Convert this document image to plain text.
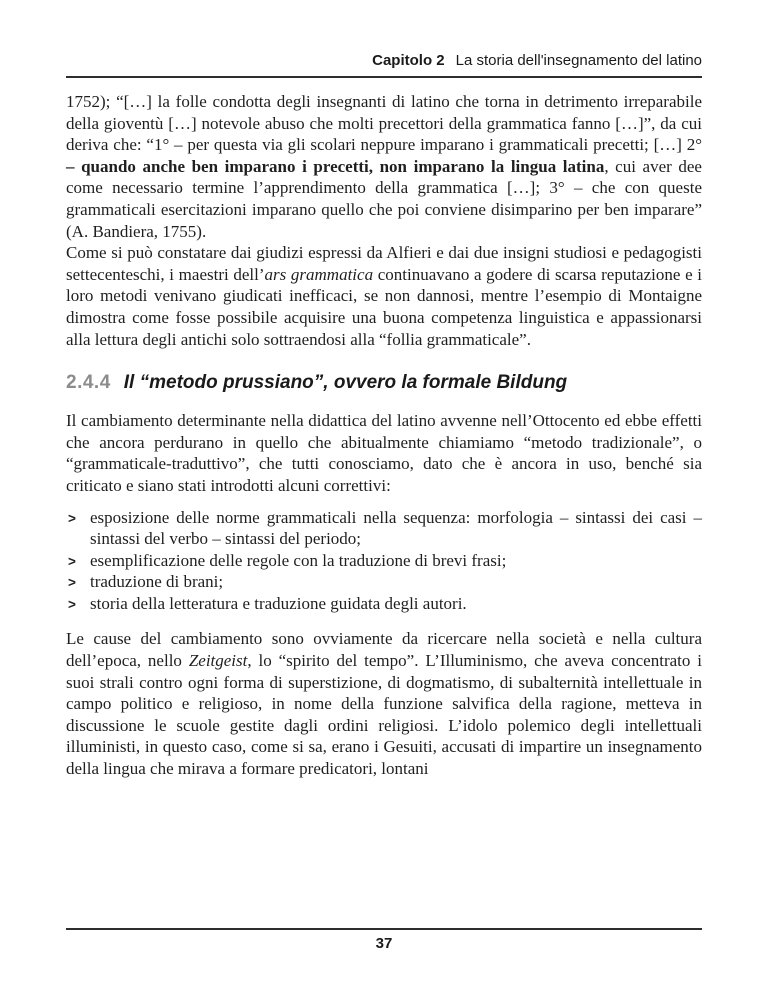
Capitolo 2 La storia dell'insegnamento del latino

1752); “[…] la folle condotta degli insegnanti di latino che torna in detrimento irreparabile della gioventù […] notevole abuso che molti precettori della grammatica fanno […]”, da cui deriva che: “1° – per questa via gli scolari neppure imparano i grammaticali precetti; […] 2° – quando anche ben imparano i precetti, non imparano la lingua latina, cui aver dee come necessario termine l’apprendimento della grammatica […]; 3° – che con queste grammaticali esercitazioni imparano quello che poi conviene disimparino per ben imparare” (A. Bandiera, 1755).

Come si può constatare dai giudizi espressi da Alfieri e dai due insigni studiosi e pedagogisti settecenteschi, i maestri dell’ars grammatica continuavano a godere di scarsa reputazione e i loro metodi venivano giudicati inefficaci, se non dannosi, mentre l’esempio di Montaigne dimostra come fosse possibile acquisire una buona competenza linguistica e appassionarsi alla lettura degli antichi solo sottraendosi alla “follia grammaticale”.

2.4.4 Il “metodo prussiano”, ovvero la formale Bildung

Il cambiamento determinante nella didattica del latino avvenne nell’Ottocento ed ebbe effetti che ancora perdurano in quello che abitualmente chiamiamo “metodo tradizionale”, o “grammaticale-traduttivo”, che tutti conosciamo, dato che è ancora in uso, benché sia criticato e siano stati introdotti alcuni correttivi:

> esposizione delle norme grammaticali nella sequenza: morfologia – sintassi dei casi – sintassi del verbo – sintassi del periodo;
> esemplificazione delle regole con la traduzione di brevi frasi;
> traduzione di brani;
> storia della letteratura e traduzione guidata degli autori.

Le cause del cambiamento sono ovviamente da ricercare nella società e nella cultura dell’epoca, nello Zeitgeist, lo “spirito del tempo”. L’Illuminismo, che aveva concentrato i suoi strali contro ogni forma di superstizione, di dogmatismo, di subalternità intellettuale in campo politico e religioso, in nome della funzione salvifica della ragione, metteva in discussione le scuole gestite dagli ordini religiosi. L’idolo polemico degli intellettuali illuministi, in questo caso, come si sa, erano i Gesuiti, accusati di impartire un insegnamento della lingua che mirava a formare predicatori, lontani

37
